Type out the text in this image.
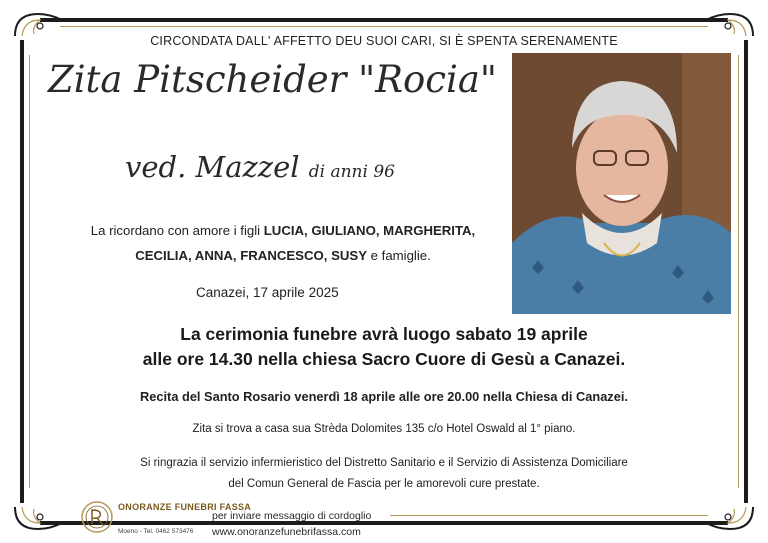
CIRCONDATA DALL' AFFETTO DEU SUOI CARI, SI È SPENTA SERENAMENTE
Zita Pitscheider "Rocia"
ved. Mazzel di anni 96
La ricordano con amore i figli LUCIA, GIULIANO, MARGHERITA,
CECILIA, ANNA, FRANCESCO, SUSY e famiglie.
Canazei, 17 aprile 2025
La cerimonia funebre avrà luogo sabato 19 aprile
alle ore 14.30 nella chiesa Sacro Cuore di Gesù a Canazei.
Recita del Santo Rosario venerdì 18 aprile alle ore 20.00 nella Chiesa di Canazei.
Zita si trova a casa sua Strèda Dolomites 135 c/o Hotel Oswald al 1° piano.
Si ringrazia il servizio infermieristico del Distretto Sanitario e il Servizio di Assistenza Domiciliare
del Comun General de Fascia per le amorevoli cure prestate.
ONORANZE FUNEBRI FASSA
Moeno - Tel. 0462 573476
per inviare messaggio di cordoglio
www.onoranzefunebrifassa.com
